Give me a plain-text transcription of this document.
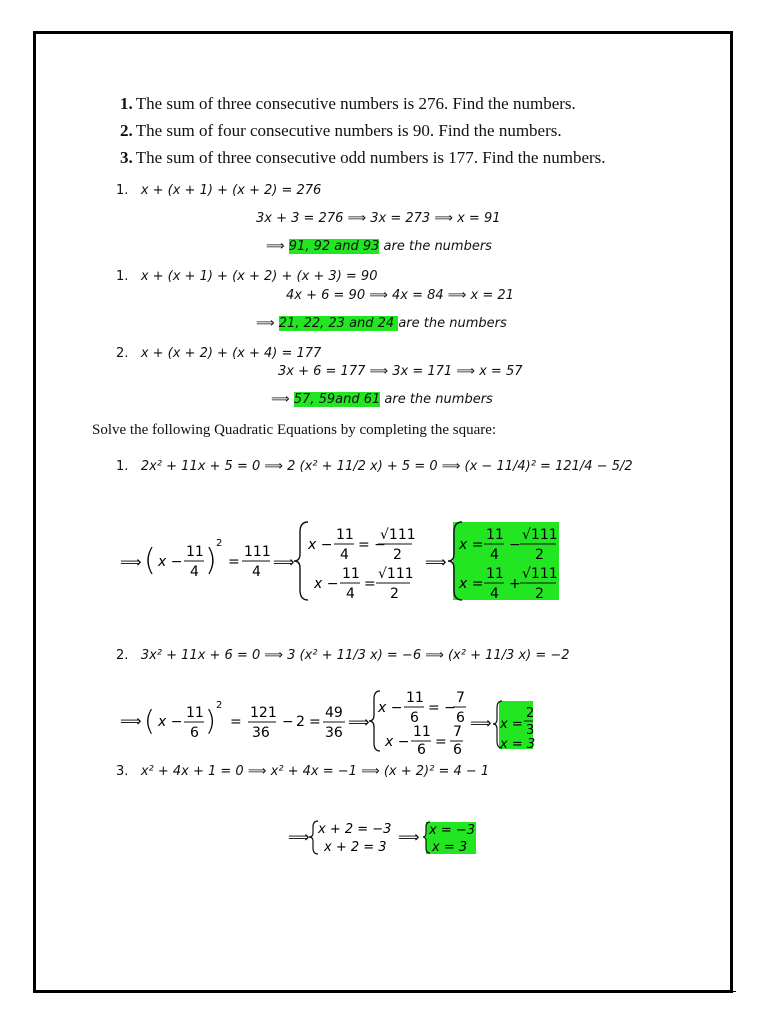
1. The sum of three consecutive numbers is 276. Find the numbers.
2. The sum of four consecutive numbers is 90. Find the numbers.
3. The sum of three consecutive odd numbers is 177. Find the numbers.
1. x + (x + 1) + (x + 2) = 276
3x + 3 = 276 ⟹ 3x = 273 ⟹ x = 91
⟹ 91, 92 and 93 are the numbers
1. x + (x + 1) + (x + 2) + (x + 3) = 90
4x + 6 = 90 ⟹ 4x = 84 ⟹ x = 21
⟹ 21, 22, 23 and 24 are the numbers
2. x + (x + 2) + (x + 4) = 177
3x + 6 = 177 ⟹ 3x = 171 ⟹ x = 57
⟹ 57, 59and 61 are the numbers
Solve the following Quadratic Equations by completing the square:
1. 2x² + 11x + 5 = 0 ⟹ 2 (x² + 11/2 x) + 5 = 0 ⟹ (x − 11/4)² = 121/4 − 5/2
⟹ ( x −
11
4 ) 2
=
111
4
⟹
x −
11
4
= −
√111
2
x −
11
4
=
√111
2
⟹
x =
11
4
−
√111
2
x =
11
4
+
√111
2
2. 3x² + 11x + 6 = 0 ⟹ 3 (x² + 11/3 x) = −6 ⟹ (x² + 11/3 x) = −2
⟹ ( x −
11
6 ) 2
=
121
36
− 2 =
49
36
⟹
x −
11
6
= −
7
6
x −
11
6 =
7
6
⟹ x =
2
3
x = 3
3. x² + 4x + 1 = 0 ⟹ x² + 4x = −1 ⟹ (x + 2)² = 4 − 1
⟹ x + 2 = −3
x + 2 = 3
⟹ x = −3
x = 3
